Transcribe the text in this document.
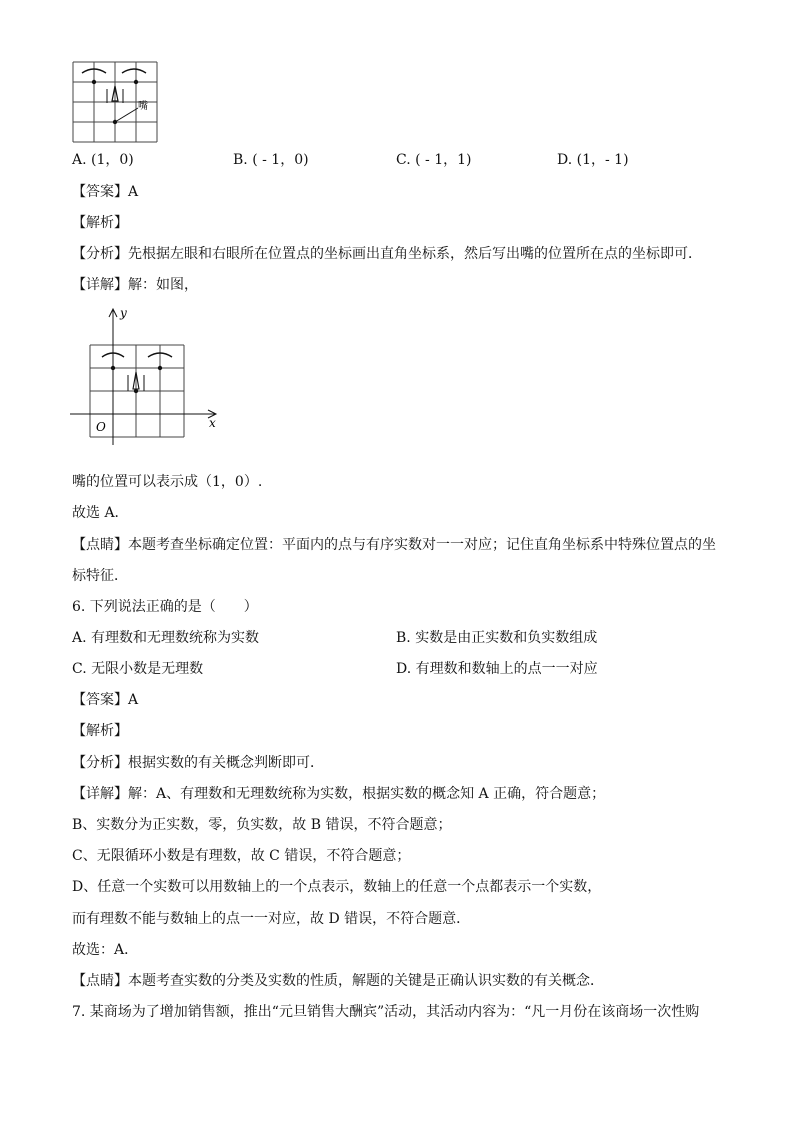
嘴
A. (1，0)	B. ( - 1，0)	C. ( - 1，1)	D. (1，- 1)
【答案】A
【解析】
【分析】先根据左眼和右眼所在位置点的坐标画出直角坐标系，然后写出嘴的位置所在点的坐标即可．
【详解】解：如图，
y
x
O
嘴的位置可以表示成（1，0）.
故选 A．
【点睛】本题考查坐标确定位置：平面内的点与有序实数对一一对应；记住直角坐标系中特殊位置点的坐
标特征．
6. 下列说法正确的是（　　）
A. 有理数和无理数统称为实数	B. 实数是由正实数和负实数组成
C. 无限小数是无理数	D. 有理数和数轴上的点一一对应
【答案】A
【解析】
【分析】根据实数的有关概念判断即可．
【详解】解：A、有理数和无理数统称为实数，根据实数的概念知 A 正确，符合题意；
B、实数分为正实数，零，负实数，故 B 错误，不符合题意；
C、无限循环小数是有理数，故 C 错误，不符合题意；
D、任意一个实数可以用数轴上的一个点表示，数轴上的任意一个点都表示一个实数，
而有理数不能与数轴上的点一一对应，故 D 错误，不符合题意．
故选：A．
【点睛】本题考查实数的分类及实数的性质，解题的关键是正确认识实数的有关概念．
7. 某商场为了增加销售额，推出“元旦销售大酬宾”活动，其活动内容为：“凡一月份在该商场一次性购
